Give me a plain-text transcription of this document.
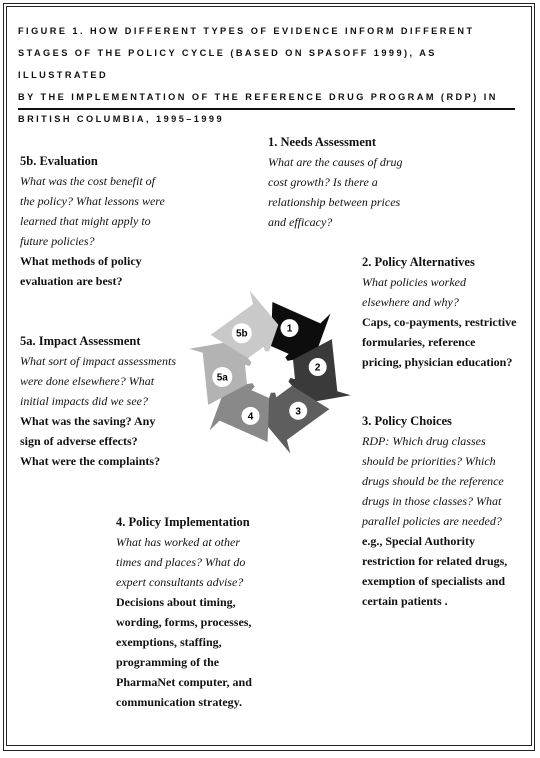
FIGURE 1. HOW DIFFERENT TYPES OF EVIDENCE INFORM DIFFERENT
STAGES OF THE POLICY CYCLE (BASED ON SPASOFF 1999), AS ILLUSTRATED
BY THE IMPLEMENTATION OF THE REFERENCE DRUG PROGRAM (RDP) IN
BRITISH COLUMBIA, 1995–1999
1. Needs Assessment
What are the causes of drug
cost growth? Is there a
relationship between prices
and efficacy?
5b. Evaluation
What was the cost benefit of
the policy? What lessons were
learned that might apply to
future policies?
What methods of policy
evaluation are best?
2. Policy Alternatives
What policies worked
elsewhere and why?
Caps, co-payments, restrictive
formularies, reference
pricing, physician education?
5a. Impact Assessment
What sort of impact assessments
were done elsewhere? What
initial impacts did we see?
What was the saving? Any
sign of adverse effects?
What were the complaints?
3. Policy Choices
RDP: Which drug classes
should be priorities? Which
drugs should be the reference
drugs in those classes? What
parallel policies are needed?
e.g., Special Authority
restriction for related drugs,
exemption of specialists and
certain patients .
4. Policy Implementation
What has worked at other
times and places? What do
expert consultants advise?
Decisions about timing,
wording, forms, processes,
exemptions, staffing,
programming of the
PharmaNet computer, and
communication strategy.
1
2
3
4
5a
5b
